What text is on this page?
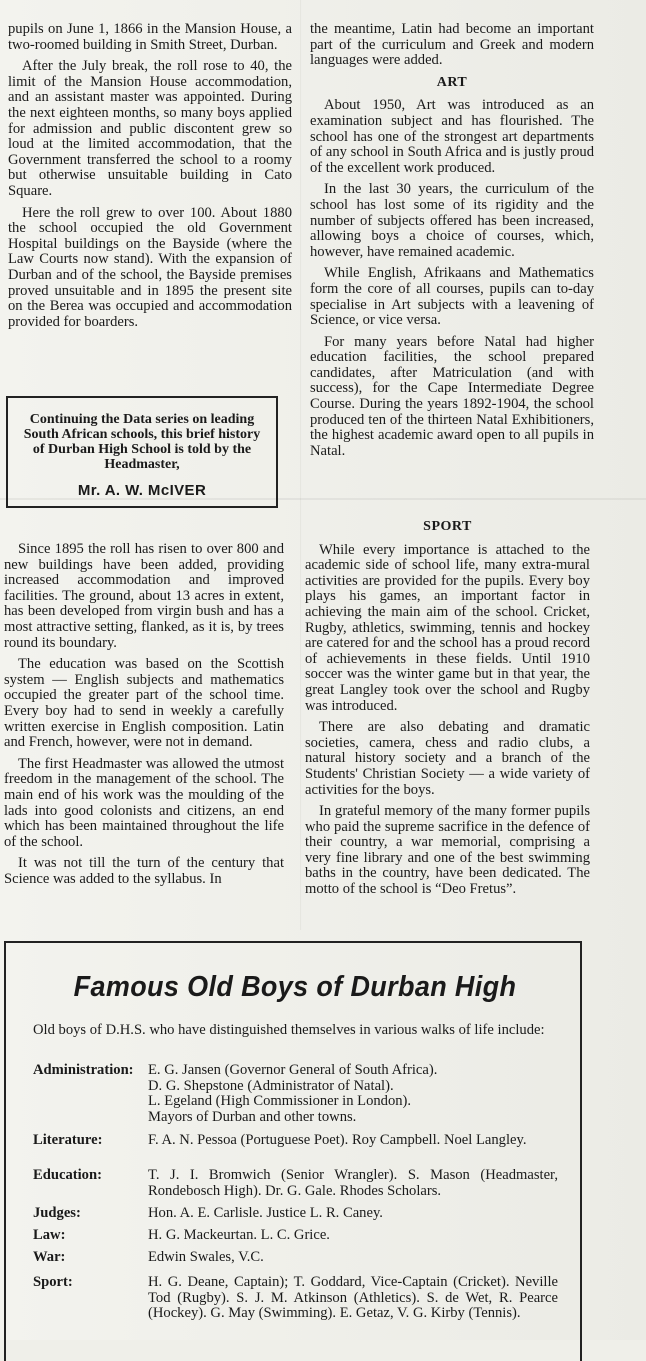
pupils on June 1, 1866 in the Mansion House, a two-roomed building in Smith Street, Durban.

After the July break, the roll rose to 40, the limit of the Mansion House accommodation, and an assistant master was appointed. During the next eighteen months, so many boys applied for admission and public discontent grew so loud at the limited accommodation, that the Government transferred the school to a roomy but otherwise unsuitable building in Cato Square.

Here the roll grew to over 100. About 1880 the school occupied the old Government Hospital buildings on the Bayside (where the Law Courts now stand). With the expansion of Durban and of the school, the Bayside premises proved unsuitable and in 1895 the present site on the Berea was occupied and accommodation provided for boarders.

the meantime, Latin had become an important part of the curriculum and Greek and modern languages were added.

ART

About 1950, Art was introduced as an examination subject and has flourished. The school has one of the strongest art departments of any school in South Africa and is justly proud of the excellent work produced.

In the last 30 years, the curriculum of the school has lost some of its rigidity and the number of subjects offered has been increased, allowing boys a choice of courses, which, however, have remained academic.

While English, Afrikaans and Mathematics form the core of all courses, pupils can to-day specialise in Art subjects with a leavening of Science, or vice versa.

For many years before Natal had higher education facilities, the school prepared candidates, after Matriculation (and with success), for the Cape Intermediate Degree Course. During the years 1892-1904, the school produced ten of the thirteen Natal Exhibitioners, the highest academic award open to all pupils in Natal.

Continuing the Data series on leading South African schools, this brief history of Durban High School is told by the Headmaster,
Mr. A. W. McIVER

Since 1895 the roll has risen to over 800 and new buildings have been added, providing increased accommodation and improved facilities. The ground, about 13 acres in extent, has been developed from virgin bush and has a most attractive setting, flanked, as it is, by trees round its boundary.

The education was based on the Scottish system — English subjects and mathematics occupied the greater part of the school time. Every boy had to send in weekly a carefully written exercise in English composition. Latin and French, however, were not in demand.

The first Headmaster was allowed the utmost freedom in the management of the school. The main end of his work was the moulding of the lads into good colonists and citizens, an end which has been maintained throughout the life of the school.

It was not till the turn of the century that Science was added to the syllabus. In

SPORT

While every importance is attached to the academic side of school life, many extra-mural activities are provided for the pupils. Every boy plays his games, an important factor in achieving the main aim of the school. Cricket, Rugby, athletics, swimming, tennis and hockey are catered for and the school has a proud record of achievements in these fields. Until 1910 soccer was the winter game but in that year, the great Langley took over the school and Rugby was introduced.

There are also debating and dramatic societies, camera, chess and radio clubs, a natural history society and a branch of the Students' Christian Society — a wide variety of activities for the boys.

In grateful memory of the many former pupils who paid the supreme sacrifice in the defence of their country, a war memorial, comprising a very fine library and one of the best swimming baths in the country, have been dedicated. The motto of the school is “Deo Fretus”.

Famous Old Boys of Durban High
Old boys of D.H.S. who have distinguished themselves in various walks of life include:
Administration: E. G. Jansen (Governor General of South Africa).
D. G. Shepstone (Administrator of Natal).
L. Egeland (High Commissioner in London).
Mayors of Durban and other towns.
Literature:	F. A. N. Pessoa (Portuguese Poet). Roy Campbell. Noel Langley.
Education:	T. J. I. Bromwich (Senior Wrangler). S. Mason (Headmaster, Rondebosch High). Dr. G. Gale. Rhodes Scholars.
Judges:	Hon. A. E. Carlisle. Justice L. R. Caney.
Law:	H. G. Mackeurtan. L. C. Grice.
War:	Edwin Swales, V.C.
Sport:	H. G. Deane, Captain); T. Goddard, Vice-Captain (Cricket). Neville Tod (Rugby). S. J. M. Atkinson (Athletics). S. de Wet, R. Pearce (Hockey). G. May (Swimming). E. Getaz, V. G. Kirby (Tennis).
